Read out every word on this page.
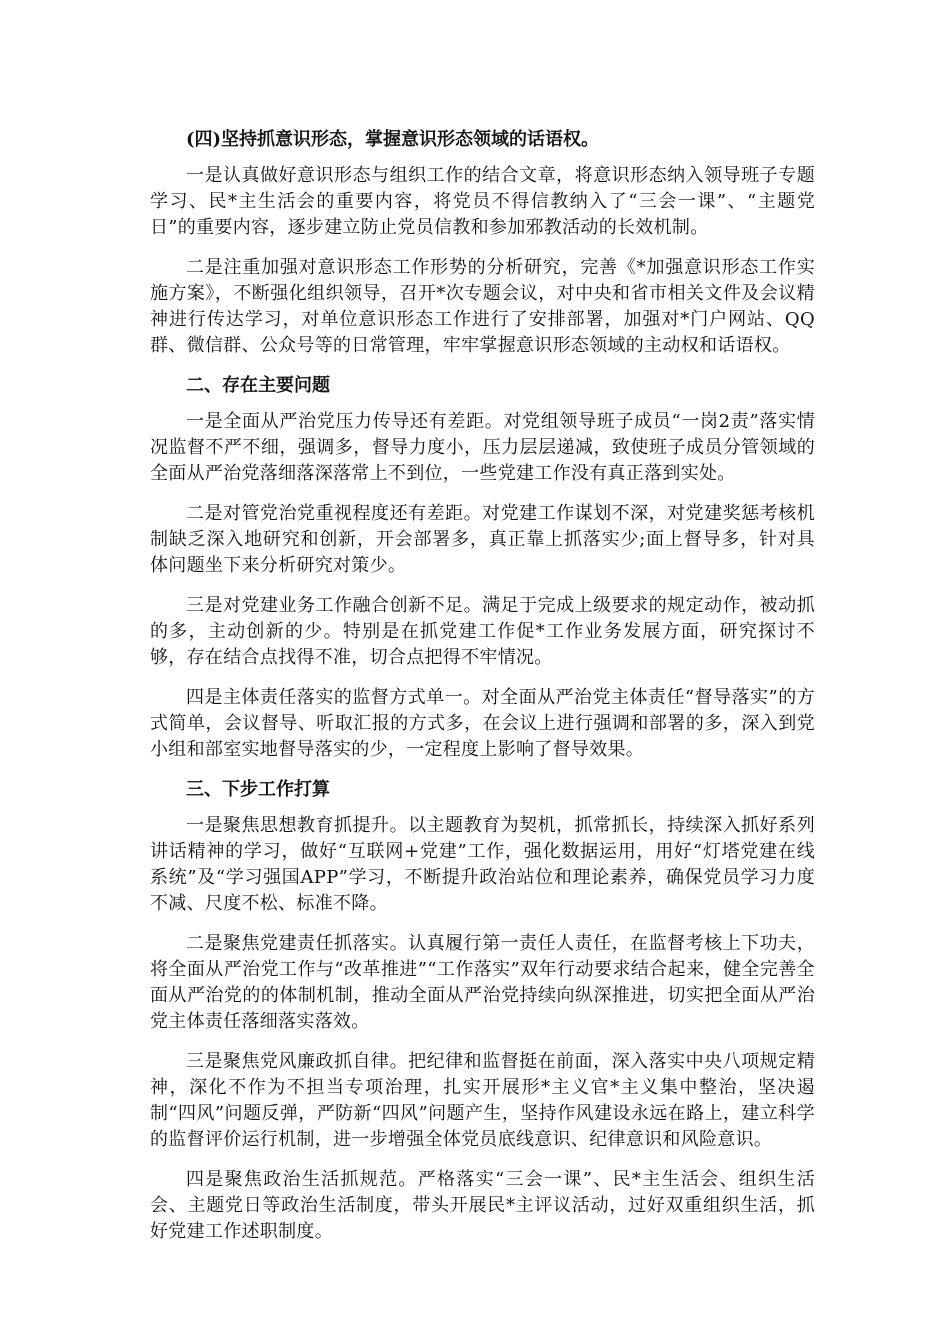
(四)坚持抓意识形态，掌握意识形态领域的话语权。

一是认真做好意识形态与组织工作的结合文章，将意识形态纳入领导班子专题学习、民*主生活会的重要内容，将党员不得信教纳入了“三会一课”、“主题党日”的重要内容，逐步建立防止党员信教和参加邪教活动的长效机制。

二是注重加强对意识形态工作形势的分析研究，完善《*加强意识形态工作实施方案》，不断强化组织领导，召开*次专题会议，对中央和省市相关文件及会议精神进行传达学习，对单位意识形态工作进行了安排部署，加强对*门户网站、QQ群、微信群、公众号等的日常管理，牢牢掌握意识形态领域的主动权和话语权。

二、存在主要问题

一是全面从严治党压力传导还有差距。对党组领导班子成员“一岗2责”落实情况监督不严不细，强调多，督导力度小，压力层层递减，致使班子成员分管领域的全面从严治党落细落深落常上不到位，一些党建工作没有真正落到实处。

二是对管党治党重视程度还有差距。对党建工作谋划不深，对党建奖惩考核机制缺乏深入地研究和创新，开会部署多，真正靠上抓落实少;面上督导多，针对具体问题坐下来分析研究对策少。

三是对党建业务工作融合创新不足。满足于完成上级要求的规定动作，被动抓的多，主动创新的少。特别是在抓党建工作促*工作业务发展方面，研究探讨不够，存在结合点找得不准，切合点把得不牢情况。

四是主体责任落实的监督方式单一。对全面从严治党主体责任“督导落实”的方式简单，会议督导、听取汇报的方式多，在会议上进行强调和部署的多，深入到党小组和部室实地督导落实的少，一定程度上影响了督导效果。

三、下步工作打算

一是聚焦思想教育抓提升。以主题教育为契机，抓常抓长，持续深入抓好系列讲话精神的学习，做好“互联网+党建”工作，强化数据运用，用好“灯塔党建在线系统”及“学习强国APP”学习，不断提升政治站位和理论素养，确保党员学习力度不减、尺度不松、标准不降。

二是聚焦党建责任抓落实。认真履行第一责任人责任，在监督考核上下功夫，将全面从严治党工作与“改革推进”“工作落实”双年行动要求结合起来，健全完善全面从严治党的的体制机制，推动全面从严治党持续向纵深推进，切实把全面从严治党主体责任落细落实落效。

三是聚焦党风廉政抓自律。把纪律和监督挺在前面，深入落实中央八项规定精神，深化不作为不担当专项治理，扎实开展形*主义官*主义集中整治，坚决遏制“四风”问题反弹，严防新“四风”问题产生，坚持作风建设永远在路上，建立科学的监督评价运行机制，进一步增强全体党员底线意识、纪律意识和风险意识。

四是聚焦政治生活抓规范。严格落实“三会一课”、民*主生活会、组织生活会、主题党日等政治生活制度，带头开展民*主评议活动，过好双重组织生活，抓好党建工作述职制度。
